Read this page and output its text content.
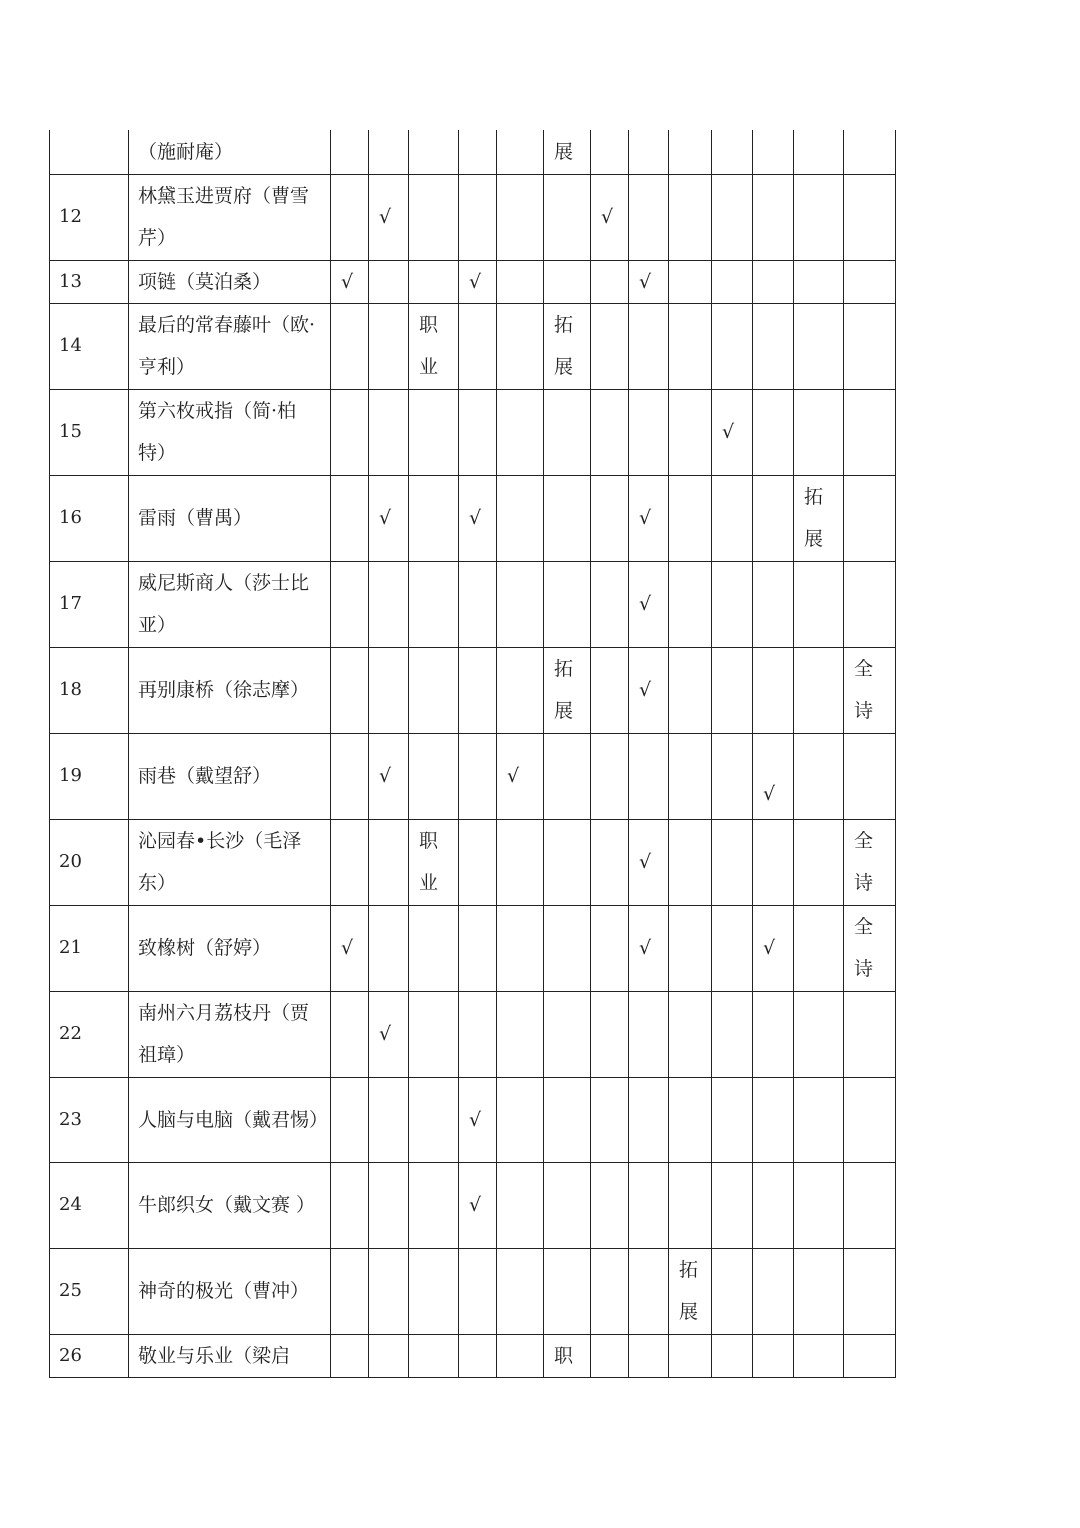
	（施耐庵）						展							

12	林黛玉进贾府（曹雪芹）		√					√						

13	项链（莫泊桑）	√			√				√					

14	最后的常春藤叶（欧·亨利）			职业			拓展							

15	第六枚戒指（简·柏特）										√			

16	雷雨（曹禺）		√		√				√				拓展	

17	威尼斯商人（莎士比亚）								√					

18	再别康桥（徐志摩）						拓展		√					全诗

19	雨巷（戴望舒）		√			√						√		

20	沁园春•长沙（毛泽东）			职业					√					全诗

21	致橡树（舒婷）	√							√			√		全诗

22	南州六月荔枝丹（贾祖璋）		√											

23	人脑与电脑（戴君惕）				√									

24	牛郎织女（戴文赛 ）				√									

25	神奇的极光（曹冲）									拓展				

26	敬业与乐业（梁启						职							
